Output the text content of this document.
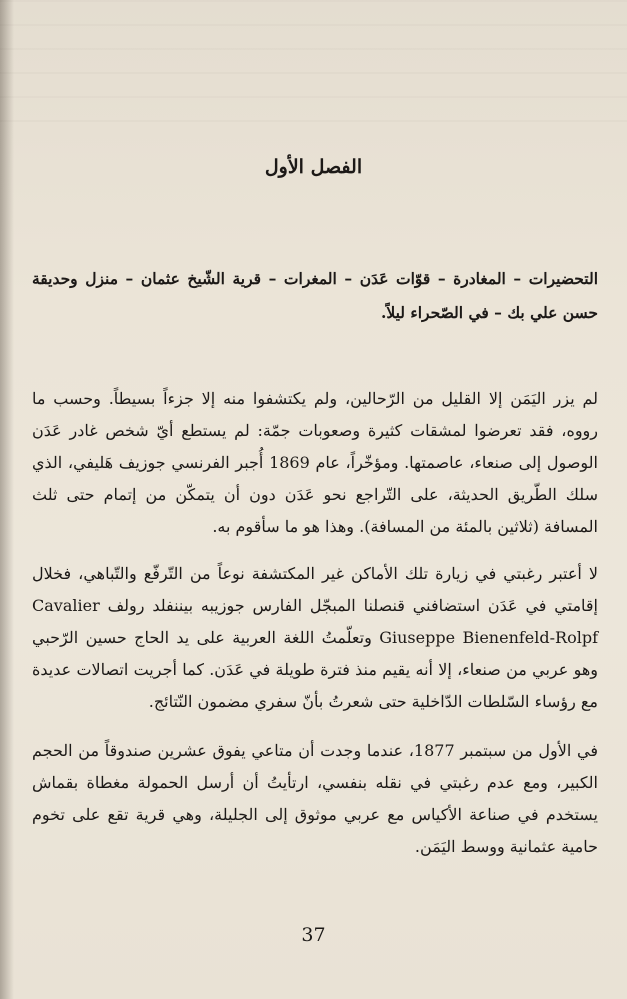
الفصل الأول
التحضيرات – المغادرة – قوّات عَدَن – المغرات – قرية الشّيخ عثمان – منزل وحديقة حسن علي بك – في الصّحراء ليلاً.
لم يزر اليَمَن إلا القليل من الرّحالين، ولم يكتشفوا منه إلا جزءاً بسيطاً. وحسب ما رووه، فقد تعرضوا لمشقات كثيرة وصعوبات جمّة: لم يستطع أيّ شخص غادر عَدَن الوصول إلى صنعاء، عاصمتها. ومؤخّراً، عام 1869 أُجبر الفرنسي جوزيف هَليفي، الذي سلك الطّريق الحديثة، على التّراجع نحو عَدَن دون أن يتمكّن من إتمام حتى ثلث المسافة (ثلاثين بالمئة من المسافة). وهذا هو ما سأقوم به.
لا أعتبر رغبتي في زيارة تلك الأماكن غير المكتشفة نوعاً من التّرفّع والتّباهي، فخلال إقامتي في عَدَن استضافني قنصلنا المبجّل الفارس جوزيبه بيننفلد رولف Cavalier Giuseppe Bienenfeld-Rolpf وتعلّمتُ اللغة العربية على يد الحاج حسين الرّحبي وهو عربي من صنعاء، إلا أنه يقيم منذ فترة طويلة في عَدَن. كما أجريت اتصالات عديدة مع رؤساء السّلطات الدّاخلية حتى شعرتُ بأنّ سفري مضمون النّتائج.
في الأول من سبتمبر 1877، عندما وجدت أن متاعي يفوق عشرين صندوقاً من الحجم الكبير، ومع عدم رغبتي في نقله بنفسي، ارتأيتُ أن أرسل الحمولة مغطاة بقماش يستخدم في صناعة الأكياس مع عربي موثوق إلى الجليلة، وهي قرية تقع على تخوم حامية عثمانية ووسط اليَمَن.
37
